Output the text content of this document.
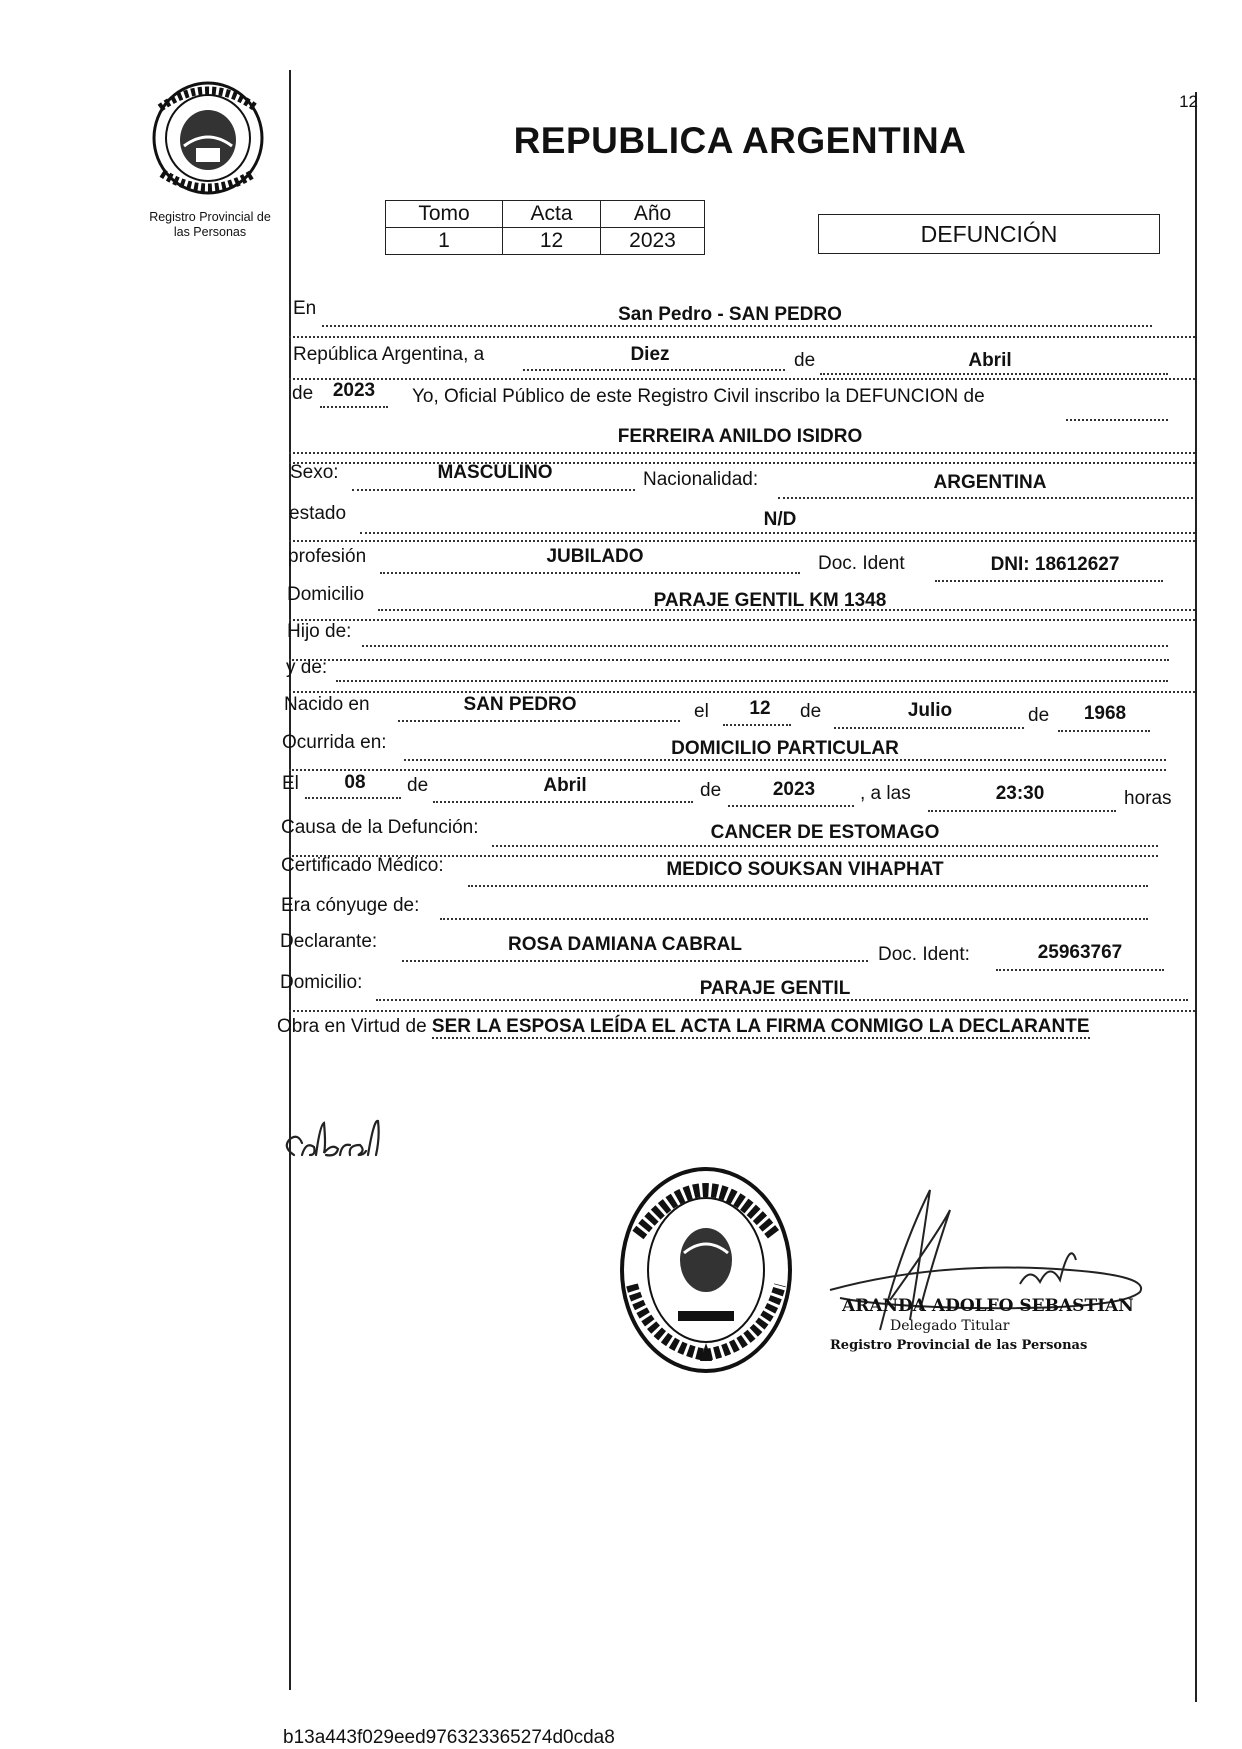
Registro Provincial de
las Personas
12
REPUBLICA ARGENTINA
Tomo	Acta	Año
1	12	2023	DEFUNCIÓN
En	San Pedro - SAN PEDRO
República Argentina, a	Diez	de	Abril
de	2023	Yo, Oficial Público de este Registro Civil inscribo la DEFUNCION de
FERREIRA ANILDO ISIDRO
Sexo:	MASCULINO	Nacionalidad:	ARGENTINA
estado	N/D
profesión	JUBILADO	Doc. Ident	DNI: 18612627
Domicilio	PARAJE GENTIL KM 1348
Hijo de:
y de:
Nacido en	SAN PEDRO	el	12	de	Julio	de	1968
Ocurrida en:	DOMICILIO PARTICULAR
El	08	de	Abril	de	2023	, a las	23:30	horas
Causa de la Defunción:	CANCER DE ESTOMAGO
Certificado Médico:	MEDICO SOUKSAN VIHAPHAT
Era cónyuge de:
Declarante:	ROSA DAMIANA CABRAL	Doc. Ident:	25963767
Domicilio:	PARAJE GENTIL
Obra en Virtud de SER LA ESPOSA LEÍDA EL ACTA LA FIRMA CONMIGO LA DECLARANTE
ARANDA ADOLFO SEBASTIAN
Delegado Titular
Registro Provincial de las Personas
b13a443f029eed976323365274d0cda8
